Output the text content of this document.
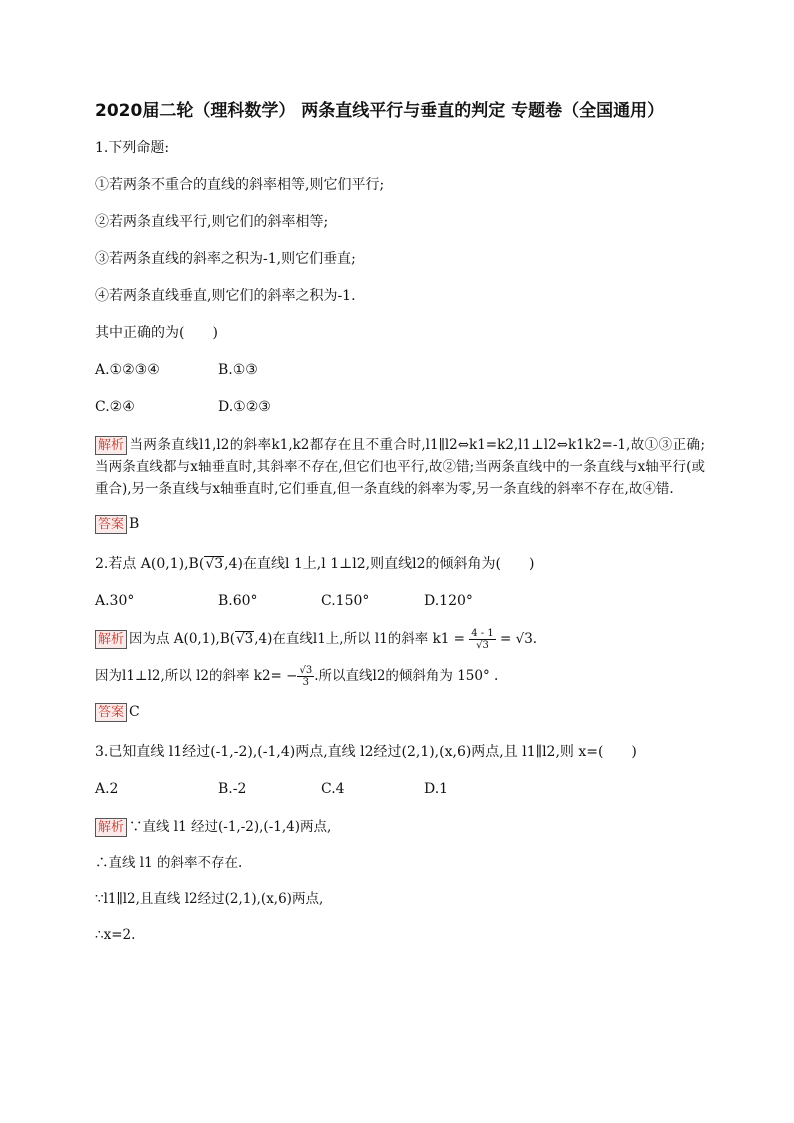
2020届二轮（理科数学） 两条直线平行与垂直的判定 专题卷（全国通用）
1.下列命题:
①若两条不重合的直线的斜率相等,则它们平行;
②若两条直线平行,则它们的斜率相等;
③若两条直线的斜率之积为-1,则它们垂直;
④若两条直线垂直,则它们的斜率之积为-1.
其中正确的为(　　)
A.①②③④	B.①③
C.②④	D.①②③
解析 当两条直线l1,l2的斜率k1,k2都存在且不重合时,l1∥l2⇔k1=k2,l1⊥l2⇔k1k2=-1,故①③正确;当两条直线都与x轴垂直时,其斜率不存在,但它们也平行,故②错;当两条直线中的一条直线与x轴平行(或重合),另一条直线与x轴垂直时,它们垂直,但一条直线的斜率为零,另一条直线的斜率不存在,故④错.
答案 B
2.若点 A(0,1),B(√3,4)在直线l 1上,l 1⊥l2,则直线l2的倾斜角为(　　)
A.30°	B.60°	C.150°	D.120°
解析 因为点 A(0,1),B(√3,4)在直线l1上,所以 l1的斜率 $k1 = \frac{4 - 1}{√3} = √3$.
因为l1⊥l2,所以 l2的斜率 $k2= - \frac{√3}{3}$ .所以直线l2的倾斜角为 150° .
答案 C
3.已知直线 l1经过(-1,-2),(-1,4)两点,直线 l2经过(2,1),(x,6)两点,且 l1∥l2,则 x=(　　)
A.2	B.-2	C.4	D.1
解析 ∵直线 l1 经过(-1,-2),(-1,4)两点,
∴直线 l1 的斜率不存在.
∵l1∥l2,且直线 l2经过(2,1),(x,6)两点,
∴x=2.
